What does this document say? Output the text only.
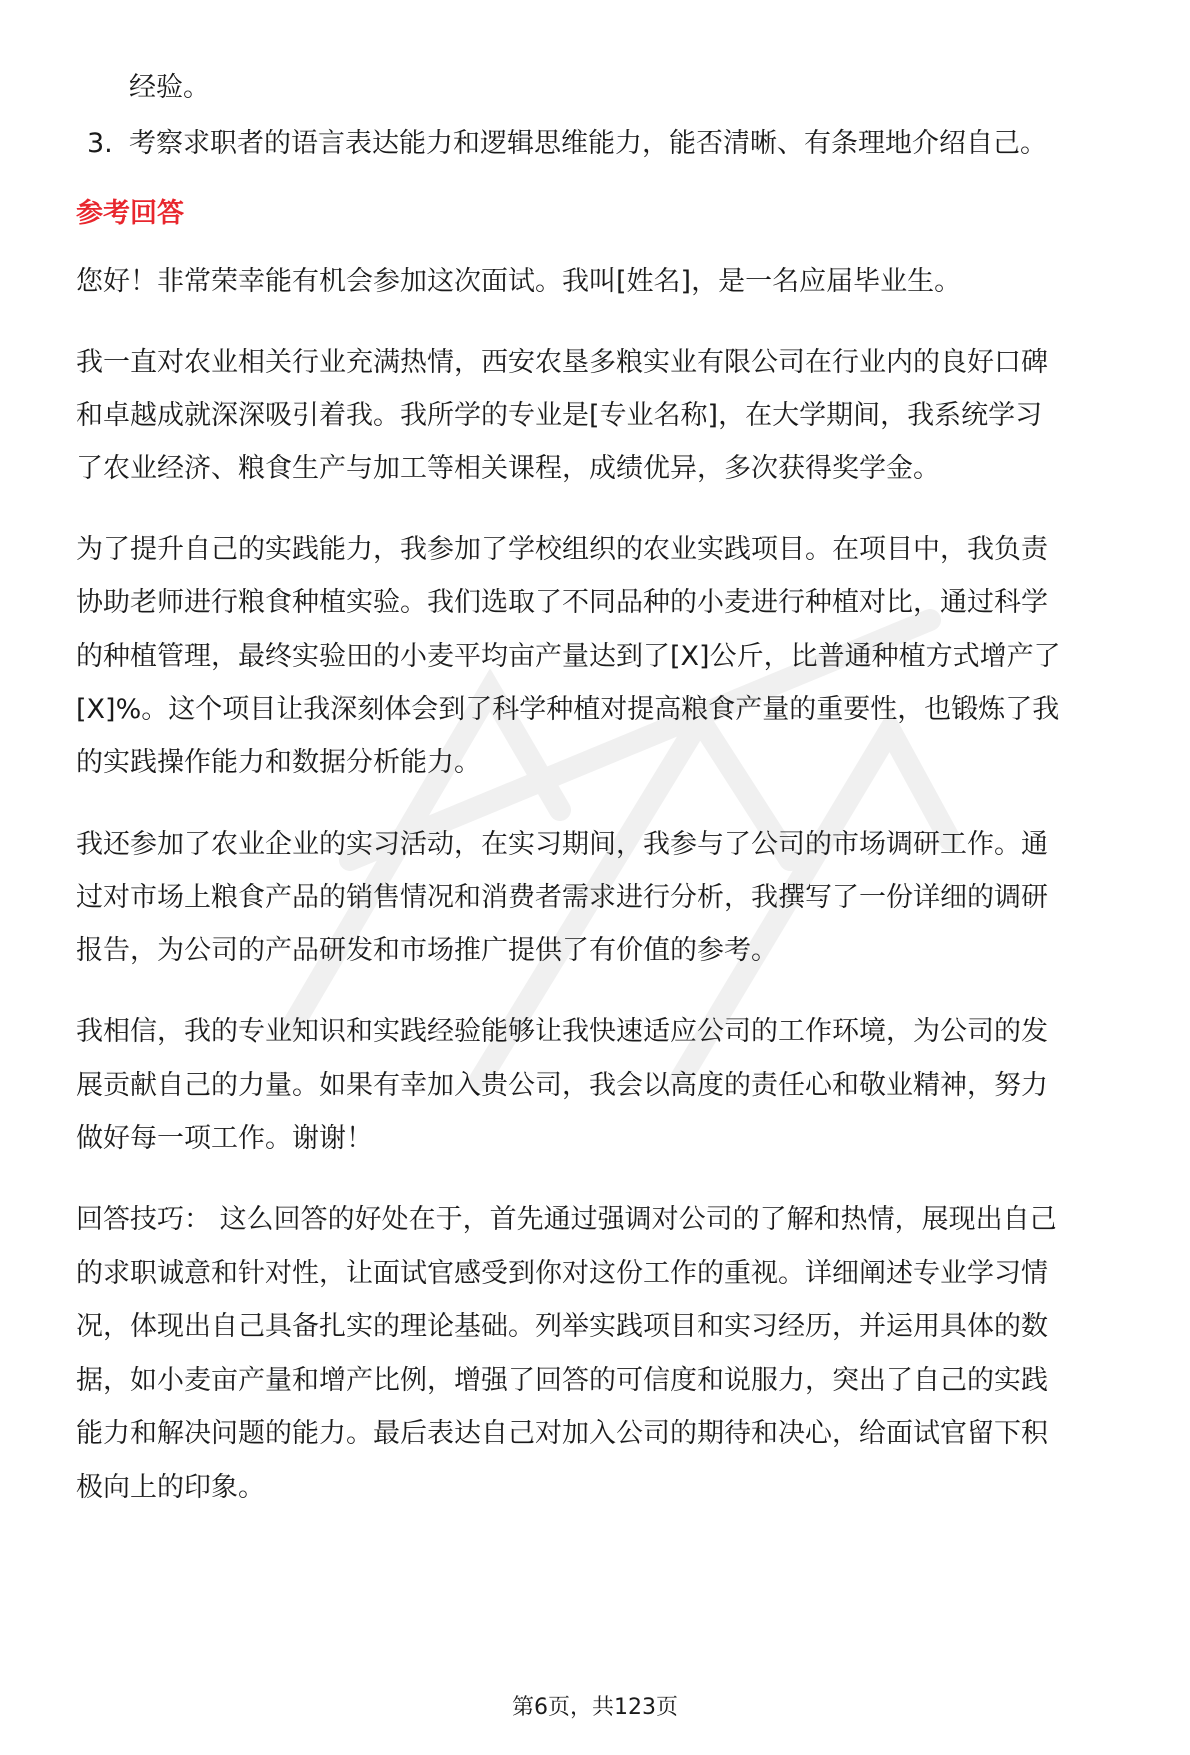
经验。
3. 考察求职者的语言表达能力和逻辑思维能力，能否清晰、有条理地介绍自己。
参考回答
您好！非常荣幸能有机会参加这次面试。我叫[姓名]，是一名应届毕业生。
我一直对农业相关行业充满热情，西安农垦多粮实业有限公司在行业内的良好口碑
和卓越成就深深吸引着我。我所学的专业是[专业名称]，在大学期间，我系统学习
了农业经济、粮食生产与加工等相关课程，成绩优异，多次获得奖学金。
为了提升自己的实践能力，我参加了学校组织的农业实践项目。在项目中，我负责
协助老师进行粮食种植实验。我们选取了不同品种的小麦进行种植对比，通过科学
的种植管理，最终实验田的小麦平均亩产量达到了[X]公斤，比普通种植方式增产了
[X]%。这个项目让我深刻体会到了科学种植对提高粮食产量的重要性，也锻炼了我
的实践操作能力和数据分析能力。
我还参加了农业企业的实习活动，在实习期间，我参与了公司的市场调研工作。通
过对市场上粮食产品的销售情况和消费者需求进行分析，我撰写了一份详细的调研
报告，为公司的产品研发和市场推广提供了有价值的参考。
我相信，我的专业知识和实践经验能够让我快速适应公司的工作环境，为公司的发
展贡献自己的力量。如果有幸加入贵公司，我会以高度的责任心和敬业精神，努力
做好每一项工作。谢谢！
回答技巧： 这么回答的好处在于，首先通过强调对公司的了解和热情，展现出自己
的求职诚意和针对性，让面试官感受到你对这份工作的重视。详细阐述专业学习情
况，体现出自己具备扎实的理论基础。列举实践项目和实习经历，并运用具体的数
据，如小麦亩产量和增产比例，增强了回答的可信度和说服力，突出了自己的实践
能力和解决问题的能力。最后表达自己对加入公司的期待和决心，给面试官留下积
极向上的印象。
第6页，共123页
